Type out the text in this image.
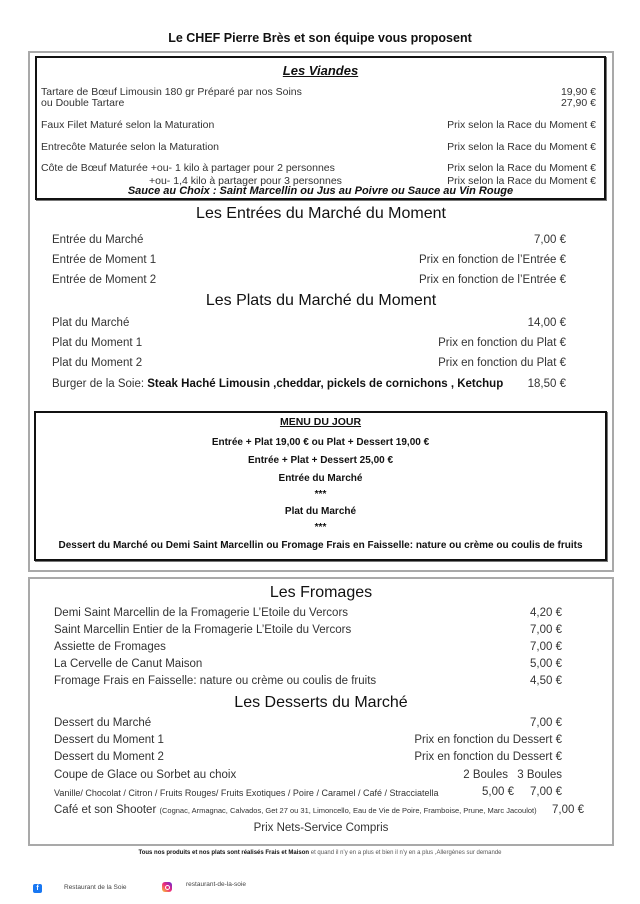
Le CHEF Pierre Brès et son équipe vous proposent
Les Viandes
Tartare de Bœuf Limousin 180 gr Préparé par nos Soins	19,90 €
ou Double Tartare	27,90 €
Faux Filet Maturé selon la Maturation	Prix selon la Race du Moment €
Entrecôte Maturée selon la Maturation	Prix selon la Race du Moment €
Côte de Bœuf Maturée +ou- 1 kilo à partager pour 2 personnes	Prix selon la Race du Moment €
+ou- 1,4 kilo à partager pour 3 personnes	Prix selon la Race du Moment €
Sauce au Choix : Saint Marcellin ou Jus au Poivre ou Sauce au Vin Rouge
Les Entrées du Marché du Moment
Entrée du Marché	7,00 €
Entrée de Moment 1	Prix en fonction de l’Entrée €
Entrée de Moment 2	Prix en fonction de l’Entrée €
Les Plats du Marché du Moment
Plat du Marché	14,00 €
Plat du Moment 1	Prix en fonction du Plat €
Plat du Moment 2	Prix en fonction du Plat €
Burger de la Soie: Steak Haché Limousin ,cheddar, pickels de cornichons , Ketchup 18,50 €
MENU DU JOUR
Entrée + Plat 19,00 € ou Plat + Dessert 19,00 €
Entrée + Plat + Dessert 25,00 €
Entrée du Marché
***
Plat du Marché
***
Dessert du Marché ou Demi Saint Marcellin ou Fromage Frais en Faisselle: nature ou crème ou coulis de fruits
Les Fromages
Demi Saint Marcellin de la Fromagerie L’Etoile du Vercors	4,20 €
Saint Marcellin Entier de la Fromagerie L’Etoile du Vercors	7,00 €
Assiette de Fromages	7,00 €
La Cervelle de Canut Maison	5,00 €
Fromage Frais en Faisselle: nature ou crème ou coulis de fruits	4,50 €
Les Desserts du Marché
Dessert du Marché	7,00 €
Dessert du Moment 1	Prix en fonction du Dessert €
Dessert du Moment 2	Prix en fonction du Dessert €
Coupe de Glace ou Sorbet au choix	2 Boules 3 Boules
Vanille/ Chocolat / Citron / Fruits Rouges/ Fruits Exotiques / Poire / Caramel / Café / Stracciatella	5,00 € 7,00 €
Café et son Shooter (Cognac, Armagnac, Calvados, Get 27 ou 31, Limoncello, Eau de Vie de Poire, Framboise, Prune, Marc Jacoulot) 7,00 €
Prix Nets-Service Compris
Tous nos produits et nos plats sont réalisés Frais et Maison et quand il n’y en a plus et bien il n’y en a plus ,Allergènes sur demande
f	Restaurant de la Soie	restaurant-de-la-soie
